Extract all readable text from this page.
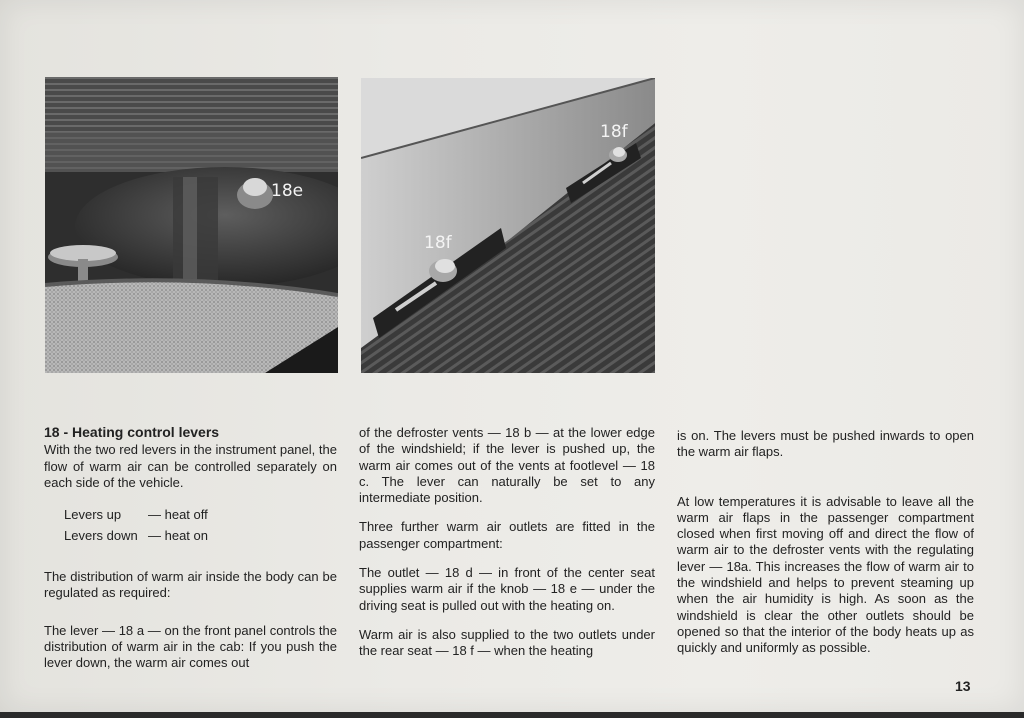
18e
18f
18f

18 - Heating control levers

With the two red levers in the instrument panel, the flow of warm air can be controlled separately on each side of the vehicle.

Levers up	— heat off
Levers down — heat on

The distribution of warm air inside the body can be regulated as required:

The lever — 18 a — on the front panel controls the distribution of warm air in the cab: If you push the lever down, the warm air comes out

of the defroster vents — 18 b — at the lower edge of the windshield; if the lever is pushed up, the warm air comes out of the vents at footlevel — 18 c. The lever can naturally be set to any intermediate position.

Three further warm air outlets are fitted in the passenger compartment:

The outlet — 18 d — in front of the center seat supplies warm air if the knob — 18 e — under the driving seat is pulled out with the heating on.

Warm air is also supplied to the two outlets under the rear seat — 18 f — when the heating

is on. The levers must be pushed inwards to open the warm air flaps.

At low temperatures it is advisable to leave all the warm air flaps in the passenger compartment closed when first moving off and direct the flow of warm air to the defroster vents with the regulating lever — 18a. This increases the flow of warm air to the windshield and helps to prevent steaming up when the air humidity is high. As soon as the windshield is clear the other outlets should be opened so that the interior of the body heats up as quickly and uniformly as possible.

13
